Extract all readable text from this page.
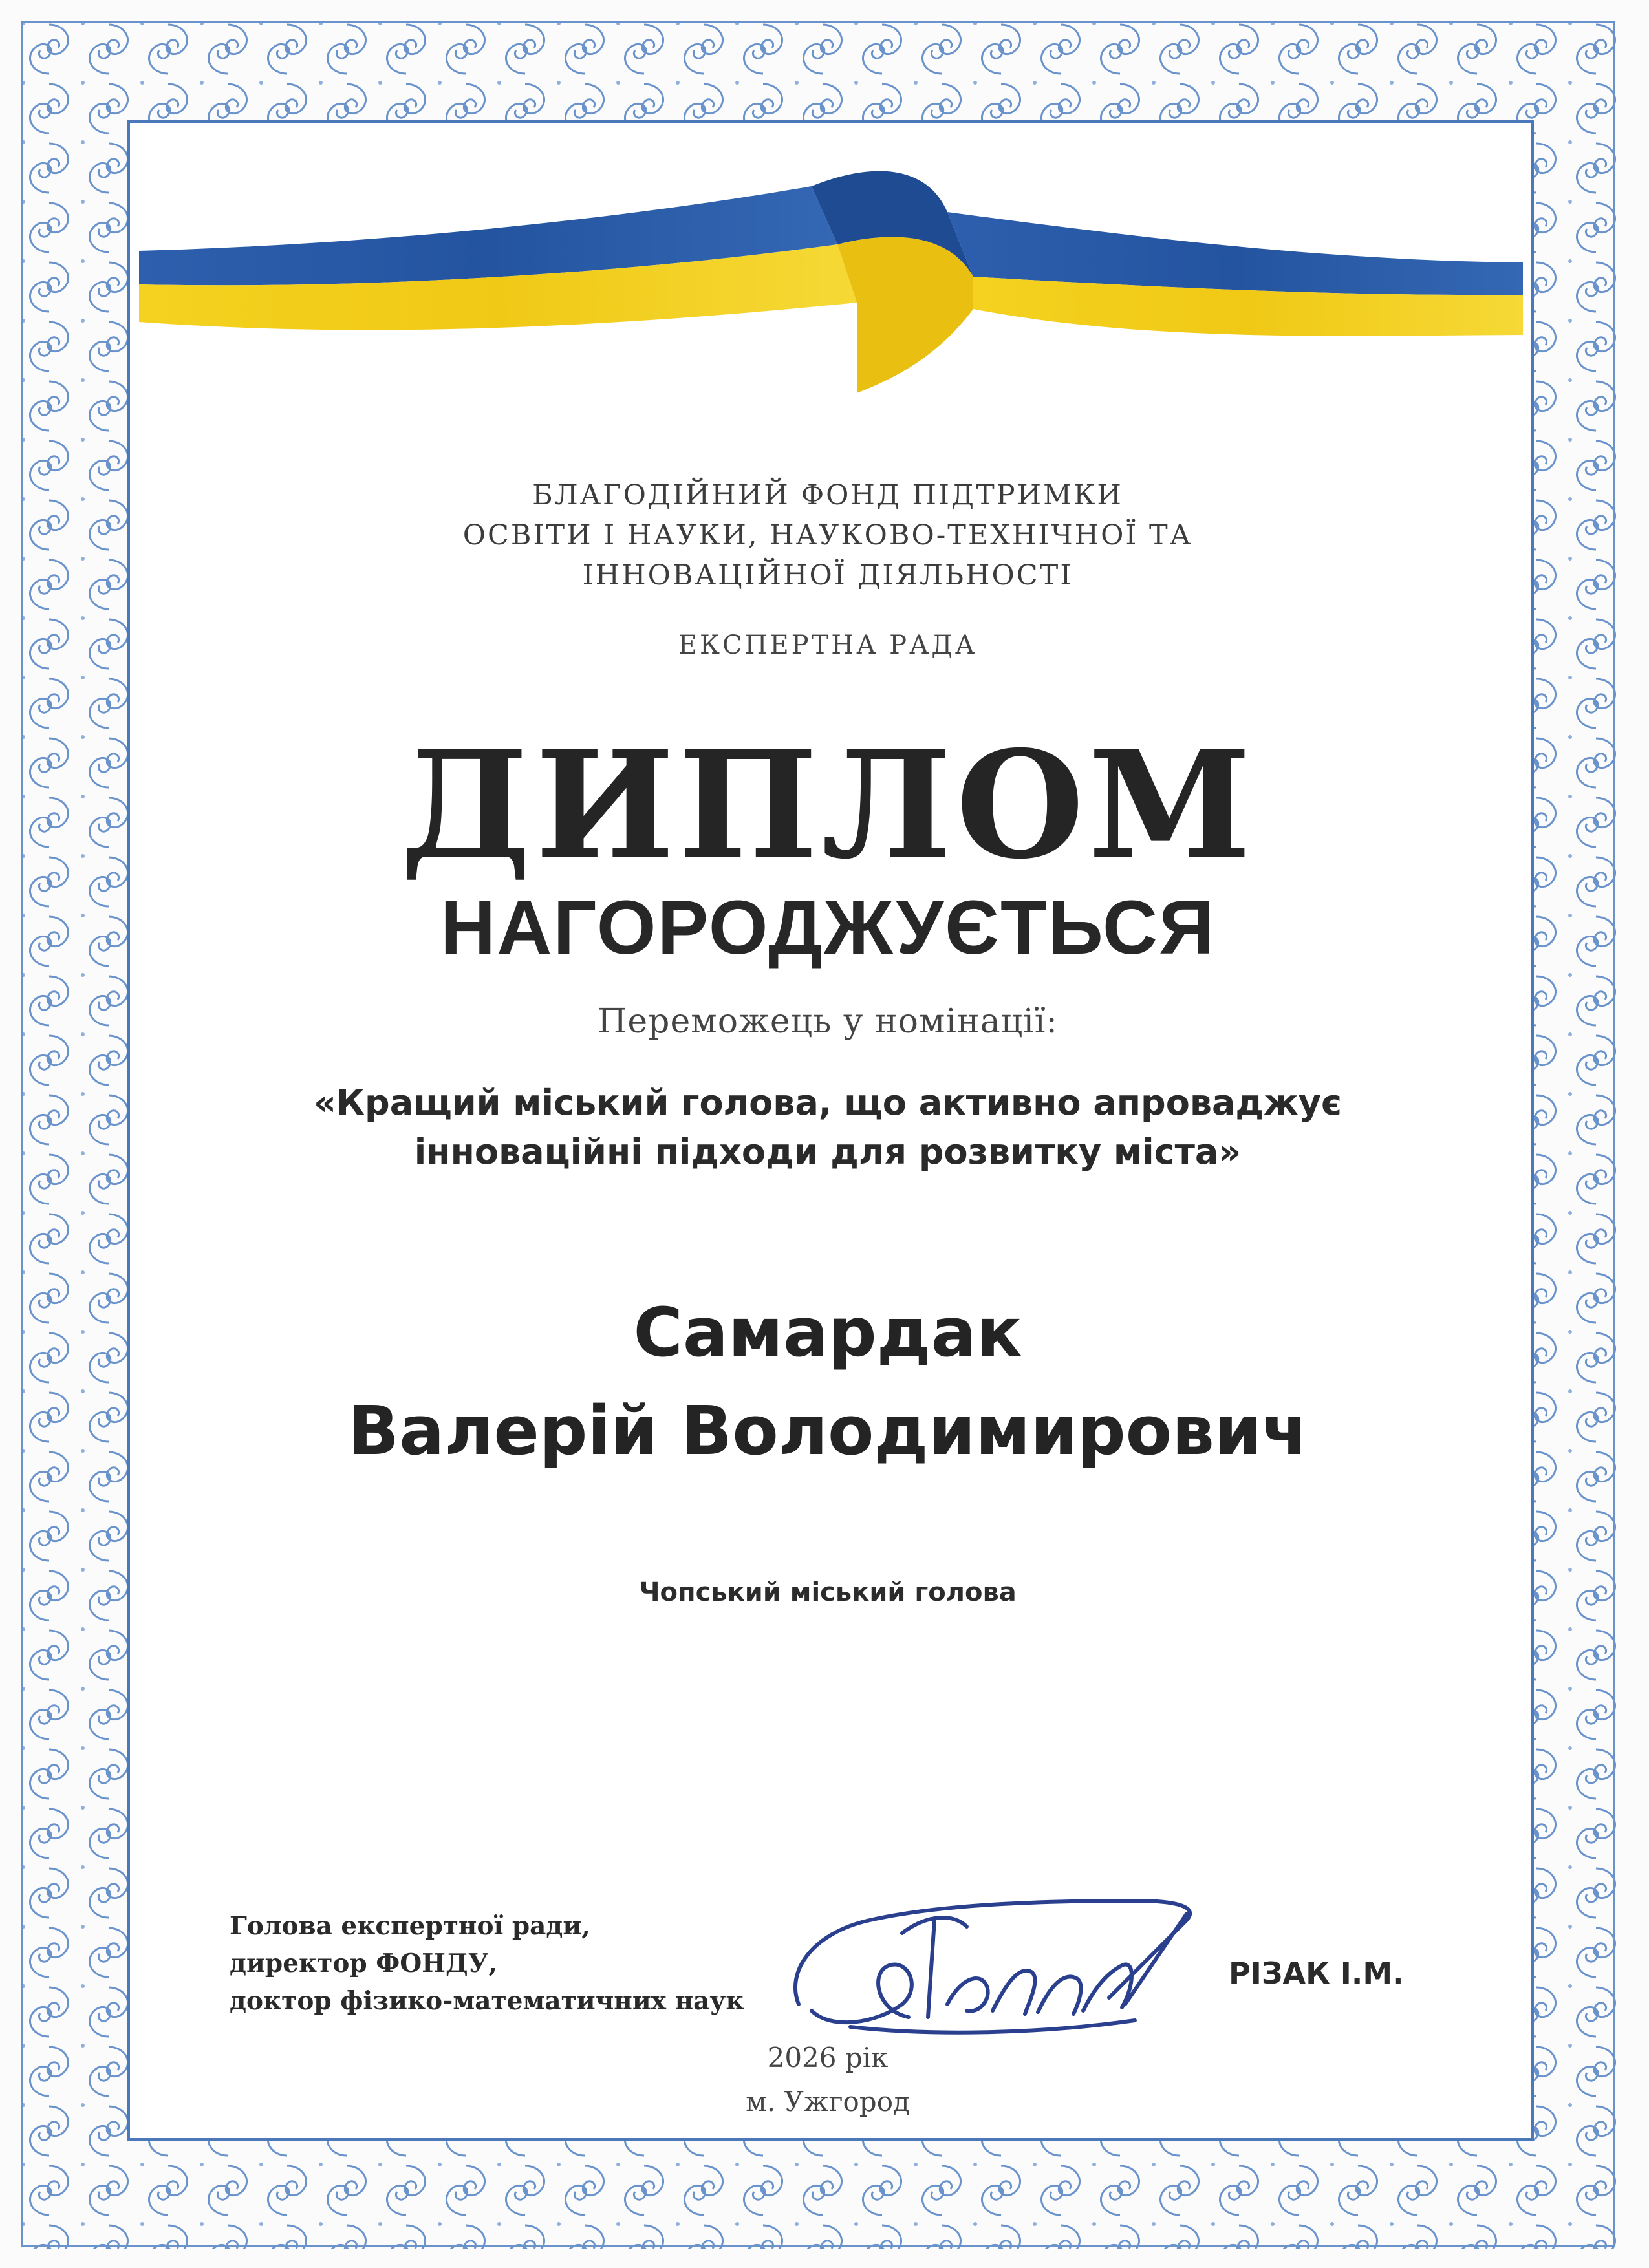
БЛАГОДІЙНИЙ ФОНД ПІДТРИМКИ
ОСВІТИ І НАУКИ, НАУКОВО-ТЕХНІЧНОЇ ТА
ІННОВАЦІЙНОЇ ДІЯЛЬНОСТІ
ЕКСПЕРТНА РАДА
ДИПЛОМ
НАГОРОДЖУЄТЬСЯ
Переможець у номінації:
«Кращий міський голова, що активно апроваджує
інноваційні підходи для розвитку міста»
Самардак
Валерій Володимирович
Чопський міський голова
Голова експертної ради,
директор ФОНДУ,
доктор фізико-математичних наук
РІЗАК І.М.
2026 рік
м. Ужгород
